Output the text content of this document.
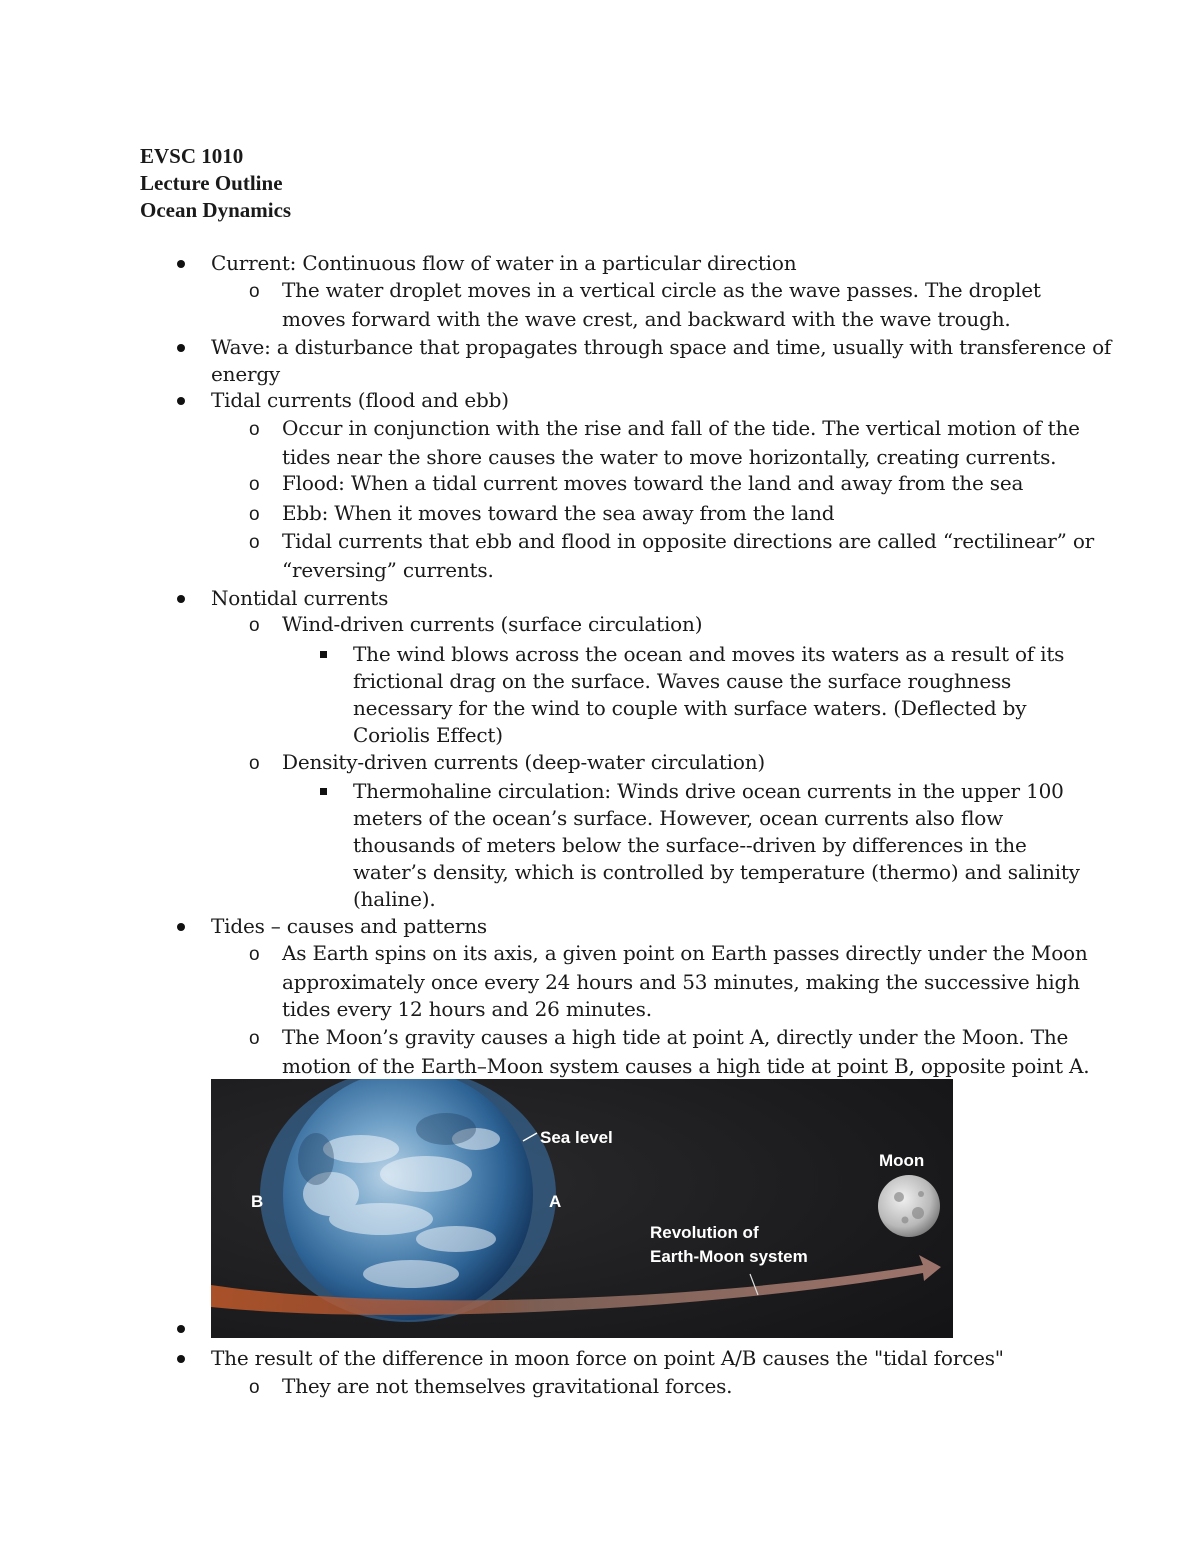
EVSC 1010
Lecture Outline
Ocean Dynamics
Current: Continuous flow of water in a particular direction
o The water droplet moves in a vertical circle as the wave passes. The droplet
moves forward with the wave crest, and backward with the wave trough.
Wave: a disturbance that propagates through space and time, usually with transference of
energy
Tidal currents (flood and ebb)
o Occur in conjunction with the rise and fall of the tide. The vertical motion of the
tides near the shore causes the water to move horizontally, creating currents.
o Flood: When a tidal current moves toward the land and away from the sea
o Ebb: When it moves toward the sea away from the land
o Tidal currents that ebb and flood in opposite directions are called “rectilinear” or
“reversing” currents.
Nontidal currents
o Wind-driven currents (surface circulation)
The wind blows across the ocean and moves its waters as a result of its
frictional drag on the surface. Waves cause the surface roughness
necessary for the wind to couple with surface waters. (Deflected by
Coriolis Effect)
o Density-driven currents (deep-water circulation)
Thermohaline circulation: Winds drive ocean currents in the upper 100
meters of the ocean’s surface. However, ocean currents also flow
thousands of meters below the surface--driven by differences in the
water’s density, which is controlled by temperature (thermo) and salinity
(haline).
Tides – causes and patterns
o As Earth spins on its axis, a given point on Earth passes directly under the Moon
approximately once every 24 hours and 53 minutes, making the successive high
tides every 12 hours and 26 minutes.
o The Moon’s gravity causes a high tide at point A, directly under the Moon. The
motion of the Earth–Moon system causes a high tide at point B, opposite point A.
Sea level
Moon
B	A
Revolution of
Earth-Moon system
The result of the difference in moon force on point A/B causes the "tidal forces"
o They are not themselves gravitational forces.
